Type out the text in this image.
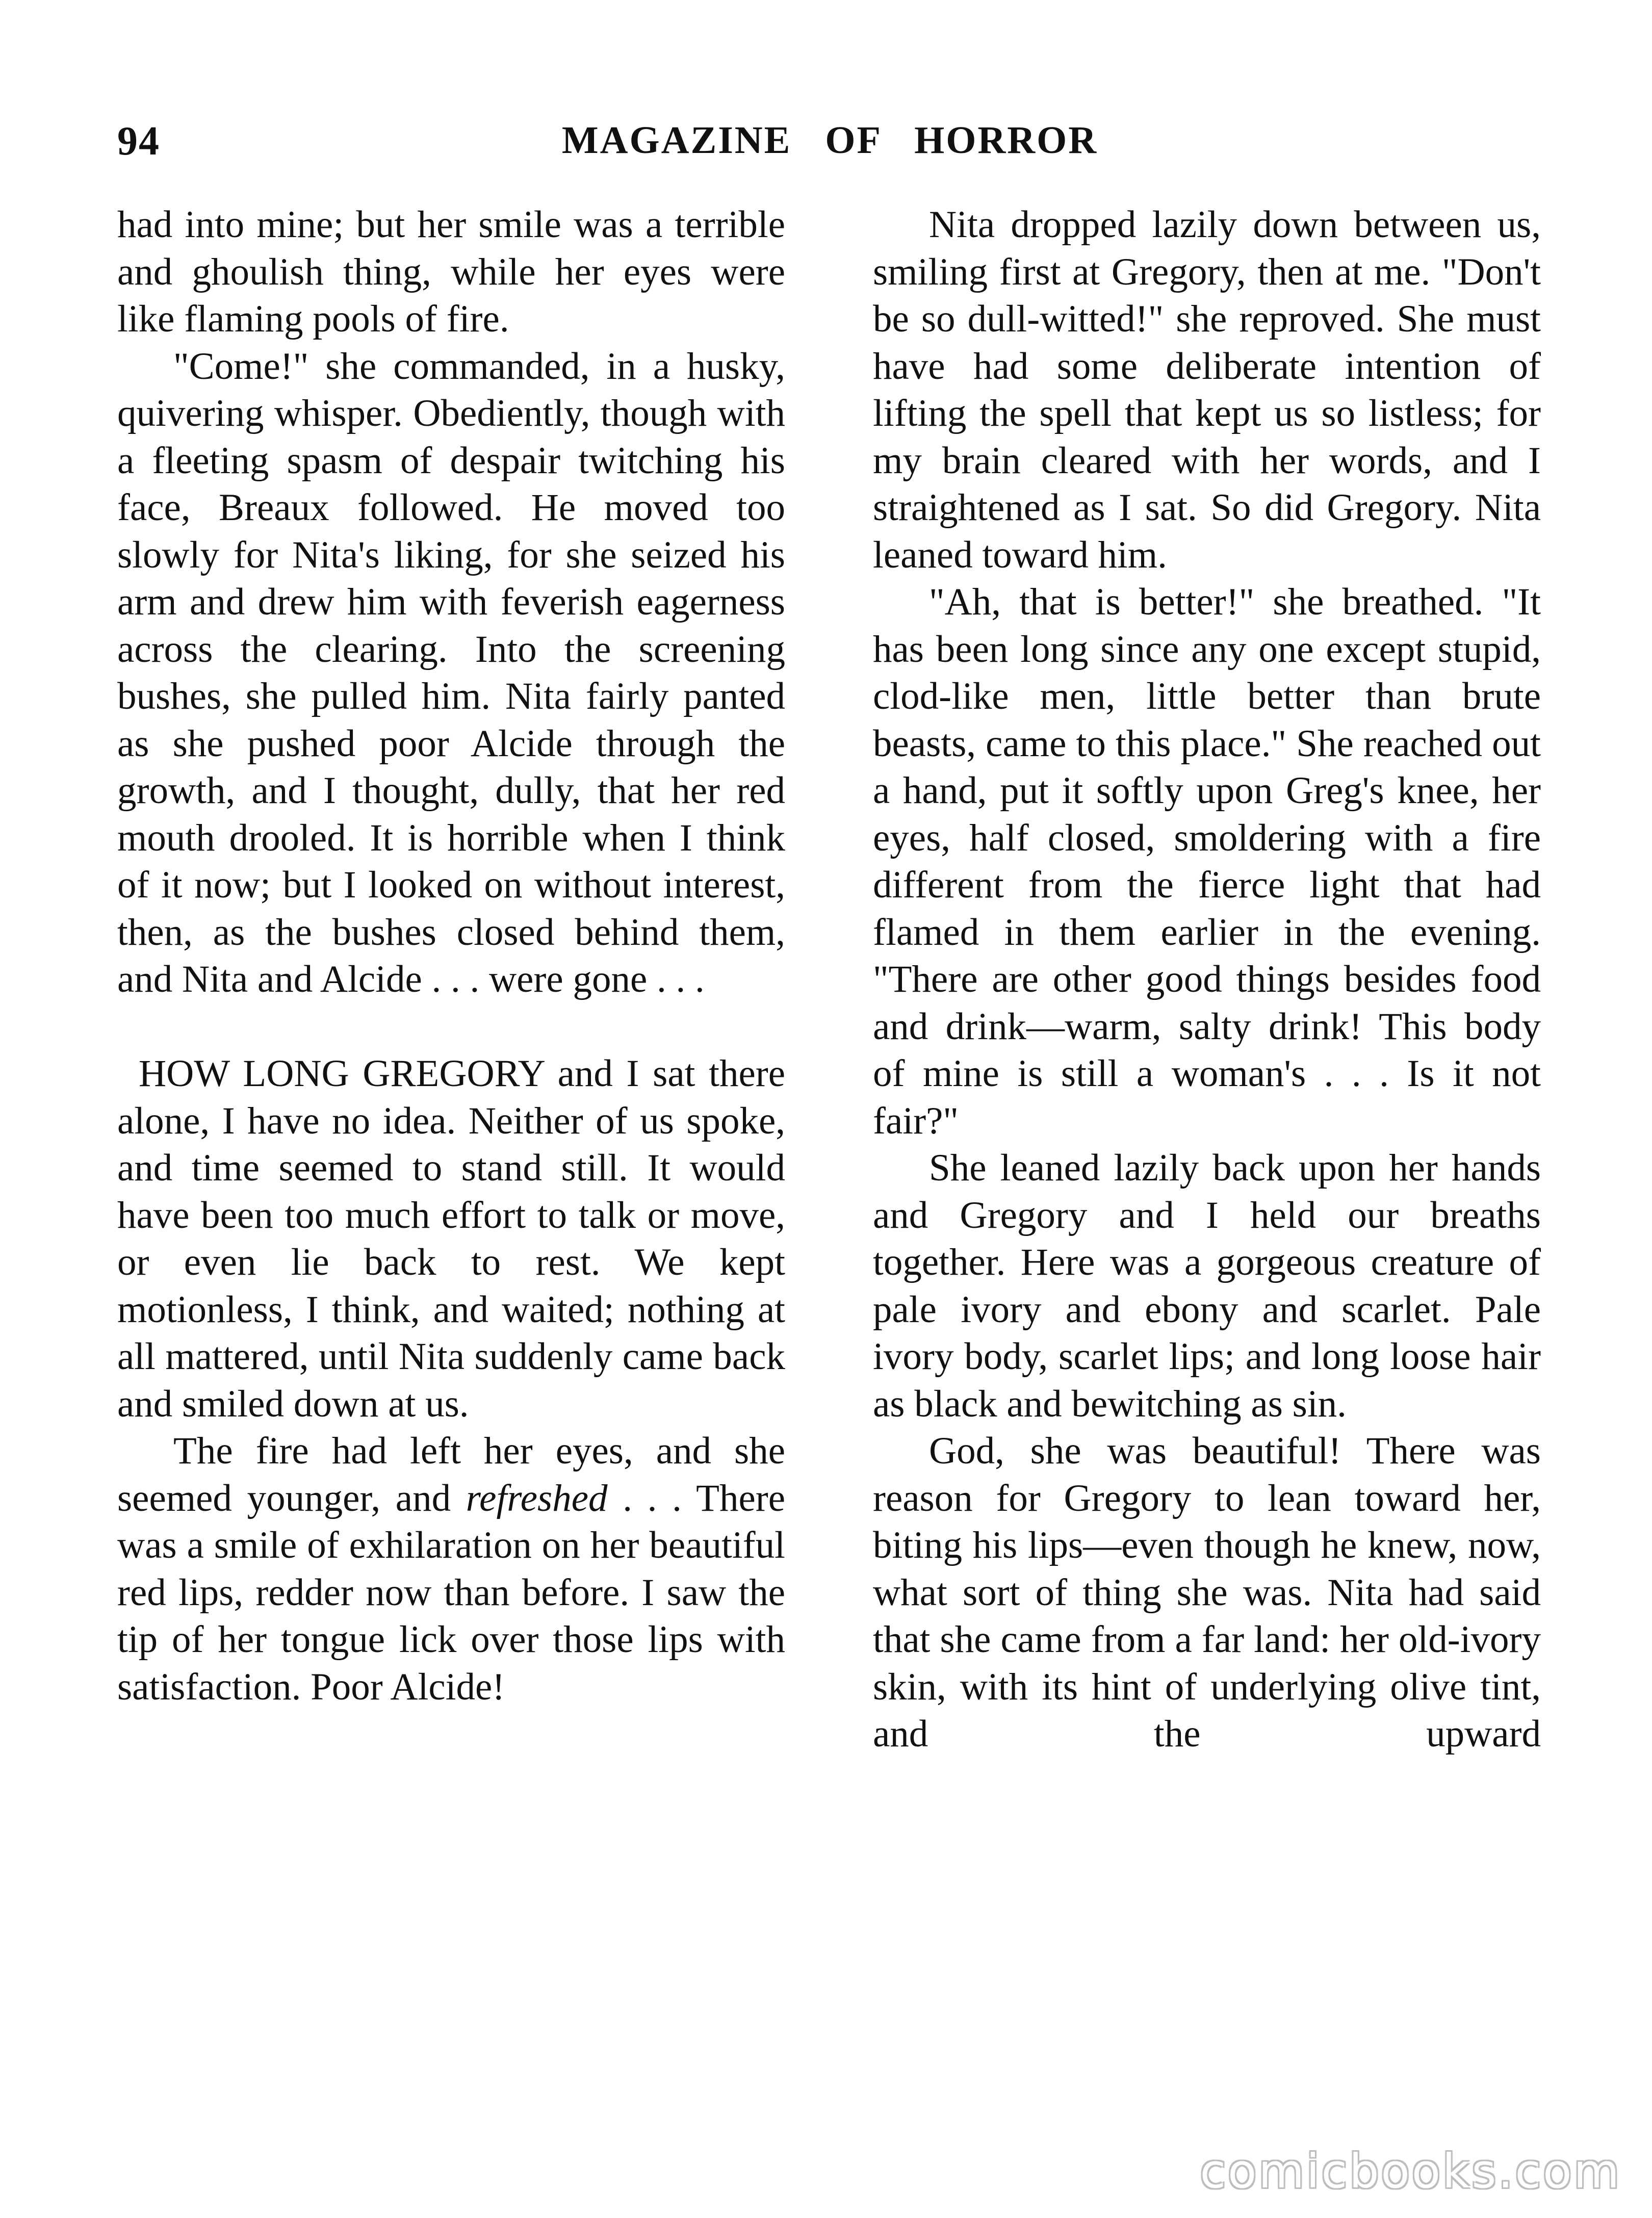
94	MAGAZINE OF HORROR

had into mine; but her smile was a terrible and ghoulish thing, while her eyes were like flaming pools of fire.

"Come!" she commanded, in a husky, quivering whisper. Obediently, though with a fleeting spasm of despair twitching his face, Breaux followed. He moved too slowly for Nita's liking, for she seized his arm and drew him with feverish eagerness across the clearing. Into the screening bushes, she pulled him. Nita fairly panted as she pushed poor Alcide through the growth, and I thought, dully, that her red mouth drooled. It is horrible when I think of it now; but I looked on without interest, then, as the bushes closed behind them, and Nita and Alcide . . . were gone . . .

HOW LONG GREGORY and I sat there alone, I have no idea. Neither of us spoke, and time seemed to stand still. It would have been too much effort to talk or move, or even lie back to rest. We kept motionless, I think, and waited; nothing at all mattered, until Nita suddenly came back and smiled down at us.

The fire had left her eyes, and she seemed younger, and refreshed . . . There was a smile of exhilaration on her beautiful red lips, redder now than before. I saw the tip of her tongue lick over those lips with satisfaction. Poor Alcide!

Nita dropped lazily down between us, smiling first at Gregory, then at me. "Don't be so dull-witted!" she reproved. She must have had some deliberate intention of lifting the spell that kept us so listless; for my brain cleared with her words, and I straightened as I sat. So did Gregory. Nita leaned toward him.

"Ah, that is better!" she breathed. "It has been long since any one except stupid, clod-like men, little better than brute beasts, came to this place." She reached out a hand, put it softly upon Greg's knee, her eyes, half closed, smoldering with a fire different from the fierce light that had flamed in them earlier in the evening. "There are other good things besides food and drink—warm, salty drink! This body of mine is still a woman's . . . Is it not fair?"

She leaned lazily back upon her hands and Gregory and I held our breaths together. Here was a gorgeous creature of pale ivory and ebony and scarlet. Pale ivory body, scarlet lips; and long loose hair as black and bewitching as sin.

God, she was beautiful! There was reason for Gregory to lean toward her, biting his lips—even though he knew, now, what sort of thing she was. Nita had said that she came from a far land: her old-ivory skin, with its hint of underlying olive tint, and the upward

comicbooks.com
